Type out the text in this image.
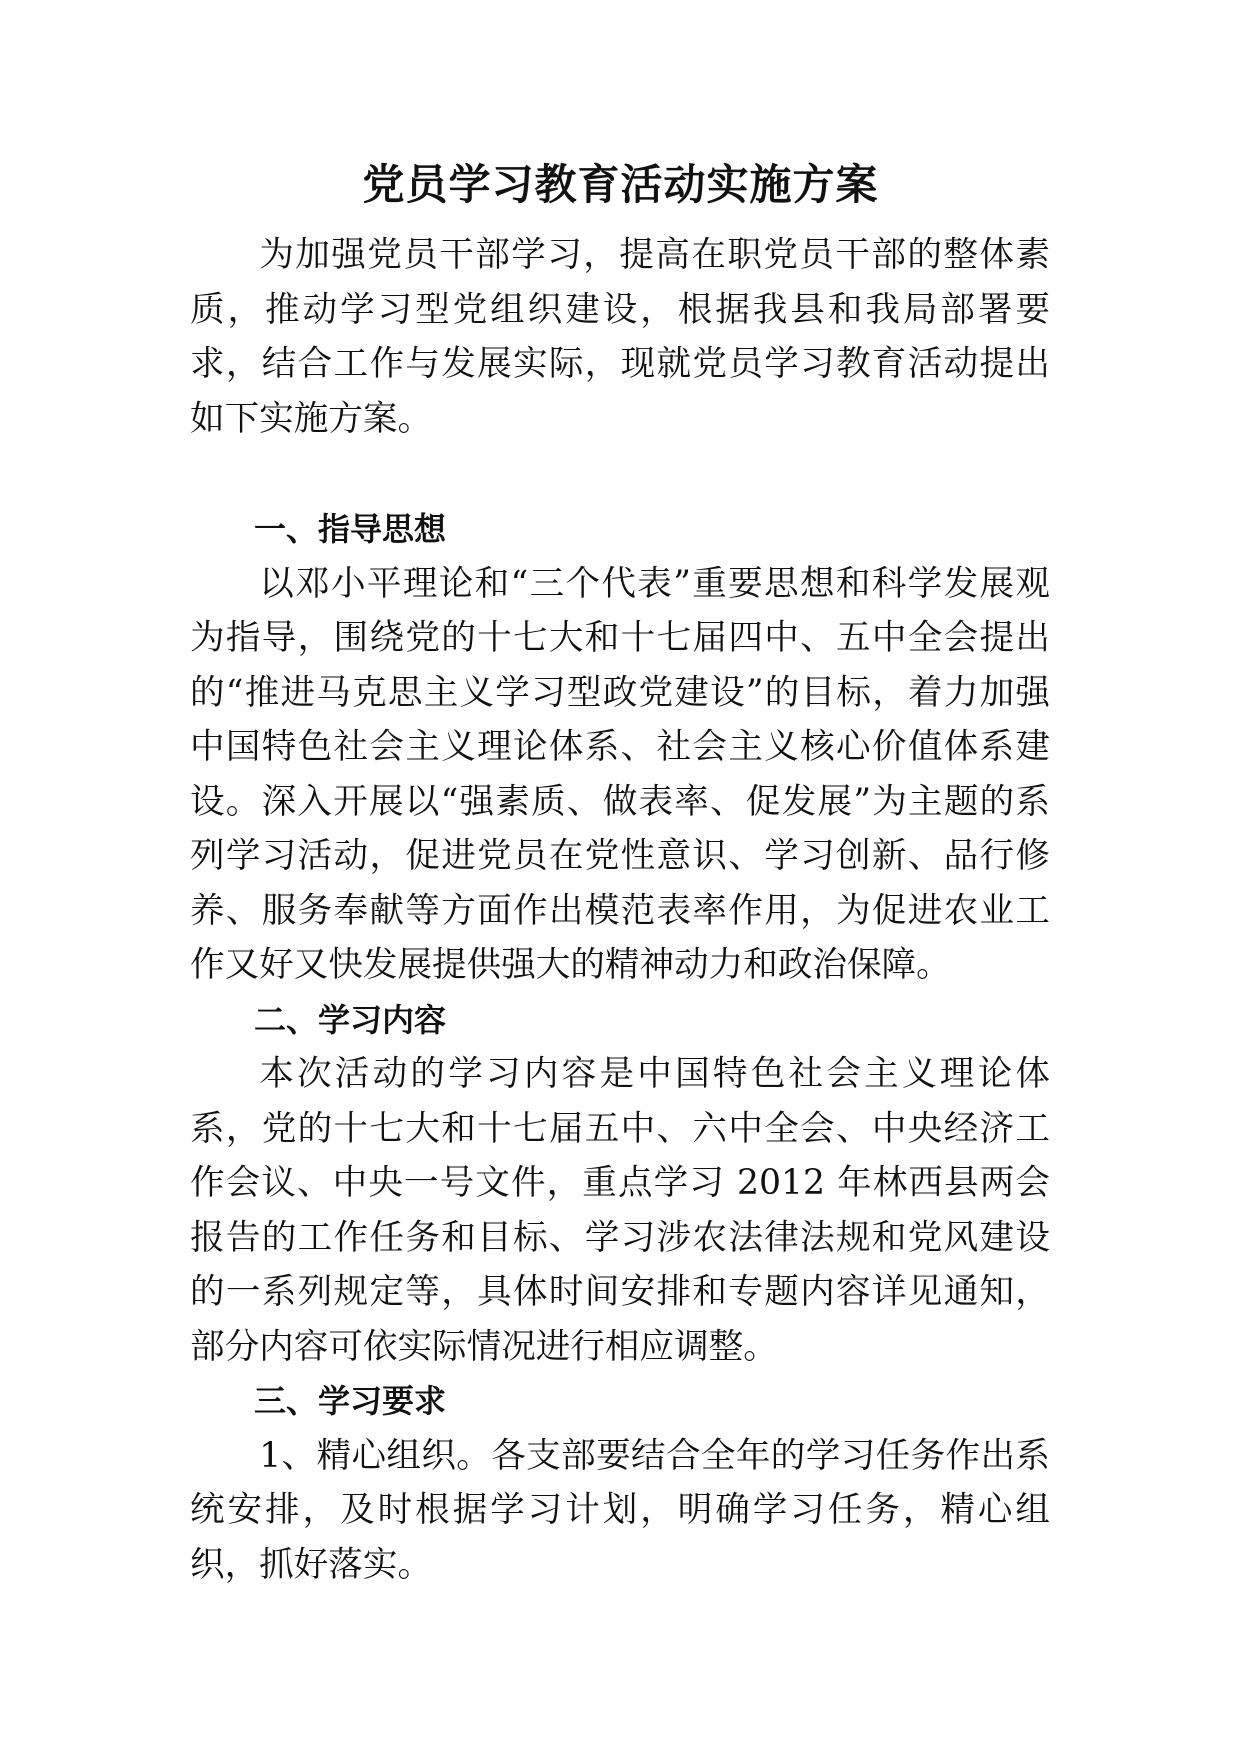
党员学习教育活动实施方案

为加强党员干部学习，提高在职党员干部的整体素质，推动学习型党组织建设，根据我县和我局部署要求，结合工作与发展实际，现就党员学习教育活动提出如下实施方案。

一、指导思想

以邓小平理论和“三个代表”重要思想和科学发展观为指导，围绕党的十七大和十七届四中、五中全会提出的“推进马克思主义学习型政党建设”的目标，着力加强中国特色社会主义理论体系、社会主义核心价值体系建设。深入开展以“强素质、做表率、促发展”为主题的系列学习活动，促进党员在党性意识、学习创新、品行修养、服务奉献等方面作出模范表率作用，为促进农业工作又好又快发展提供强大的精神动力和政治保障。

二、学习内容

本次活动的学习内容是中国特色社会主义理论体系，党的十七大和十七届五中、六中全会、中央经济工作会议、中央一号文件，重点学习 2012 年林西县两会报告的工作任务和目标、学习涉农法律法规和党风建设的一系列规定等，具体时间安排和专题内容详见通知，部分内容可依实际情况进行相应调整。

三、学习要求

1、精心组织。各支部要结合全年的学习任务作出系统安排，及时根据学习计划，明确学习任务，精心组织，抓好落实。
